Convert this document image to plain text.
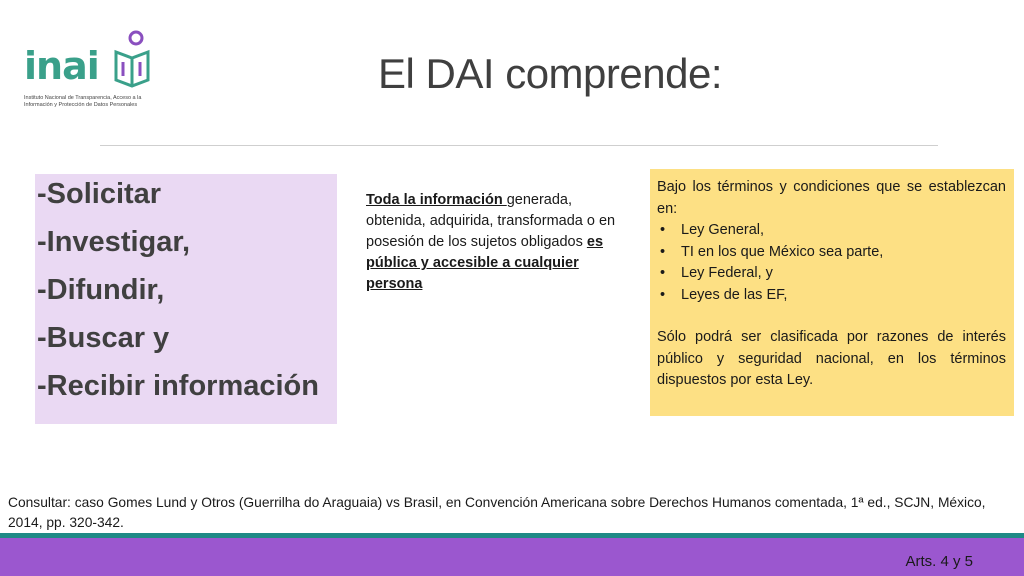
inai
Instituto Nacional de Transparencia, Acceso a la
Información y Protección de Datos Personales
El DAI comprende:
-Solicitar
-Investigar,
-Difundir,
-Buscar y
-Recibir información
Toda la información generada, obtenida, adquirida, transformada o en posesión de los sujetos obligados es pública y accesible a cualquier persona

Bajo los términos y condiciones que se establezcan en:

• Ley General,
• TI en los que México sea parte,
• Ley Federal, y
• Leyes de las EF,

Sólo podrá ser clasificada por razones de interés público y seguridad nacional, en los términos dispuestos por esta Ley.

Consultar: caso Gomes Lund y Otros (Guerrilha do Araguaia) vs Brasil, en Convención Americana sobre Derechos Humanos comentada, 1ª ed., SCJN, México, 2014, pp. 320-342.
Arts. 4 y 5
